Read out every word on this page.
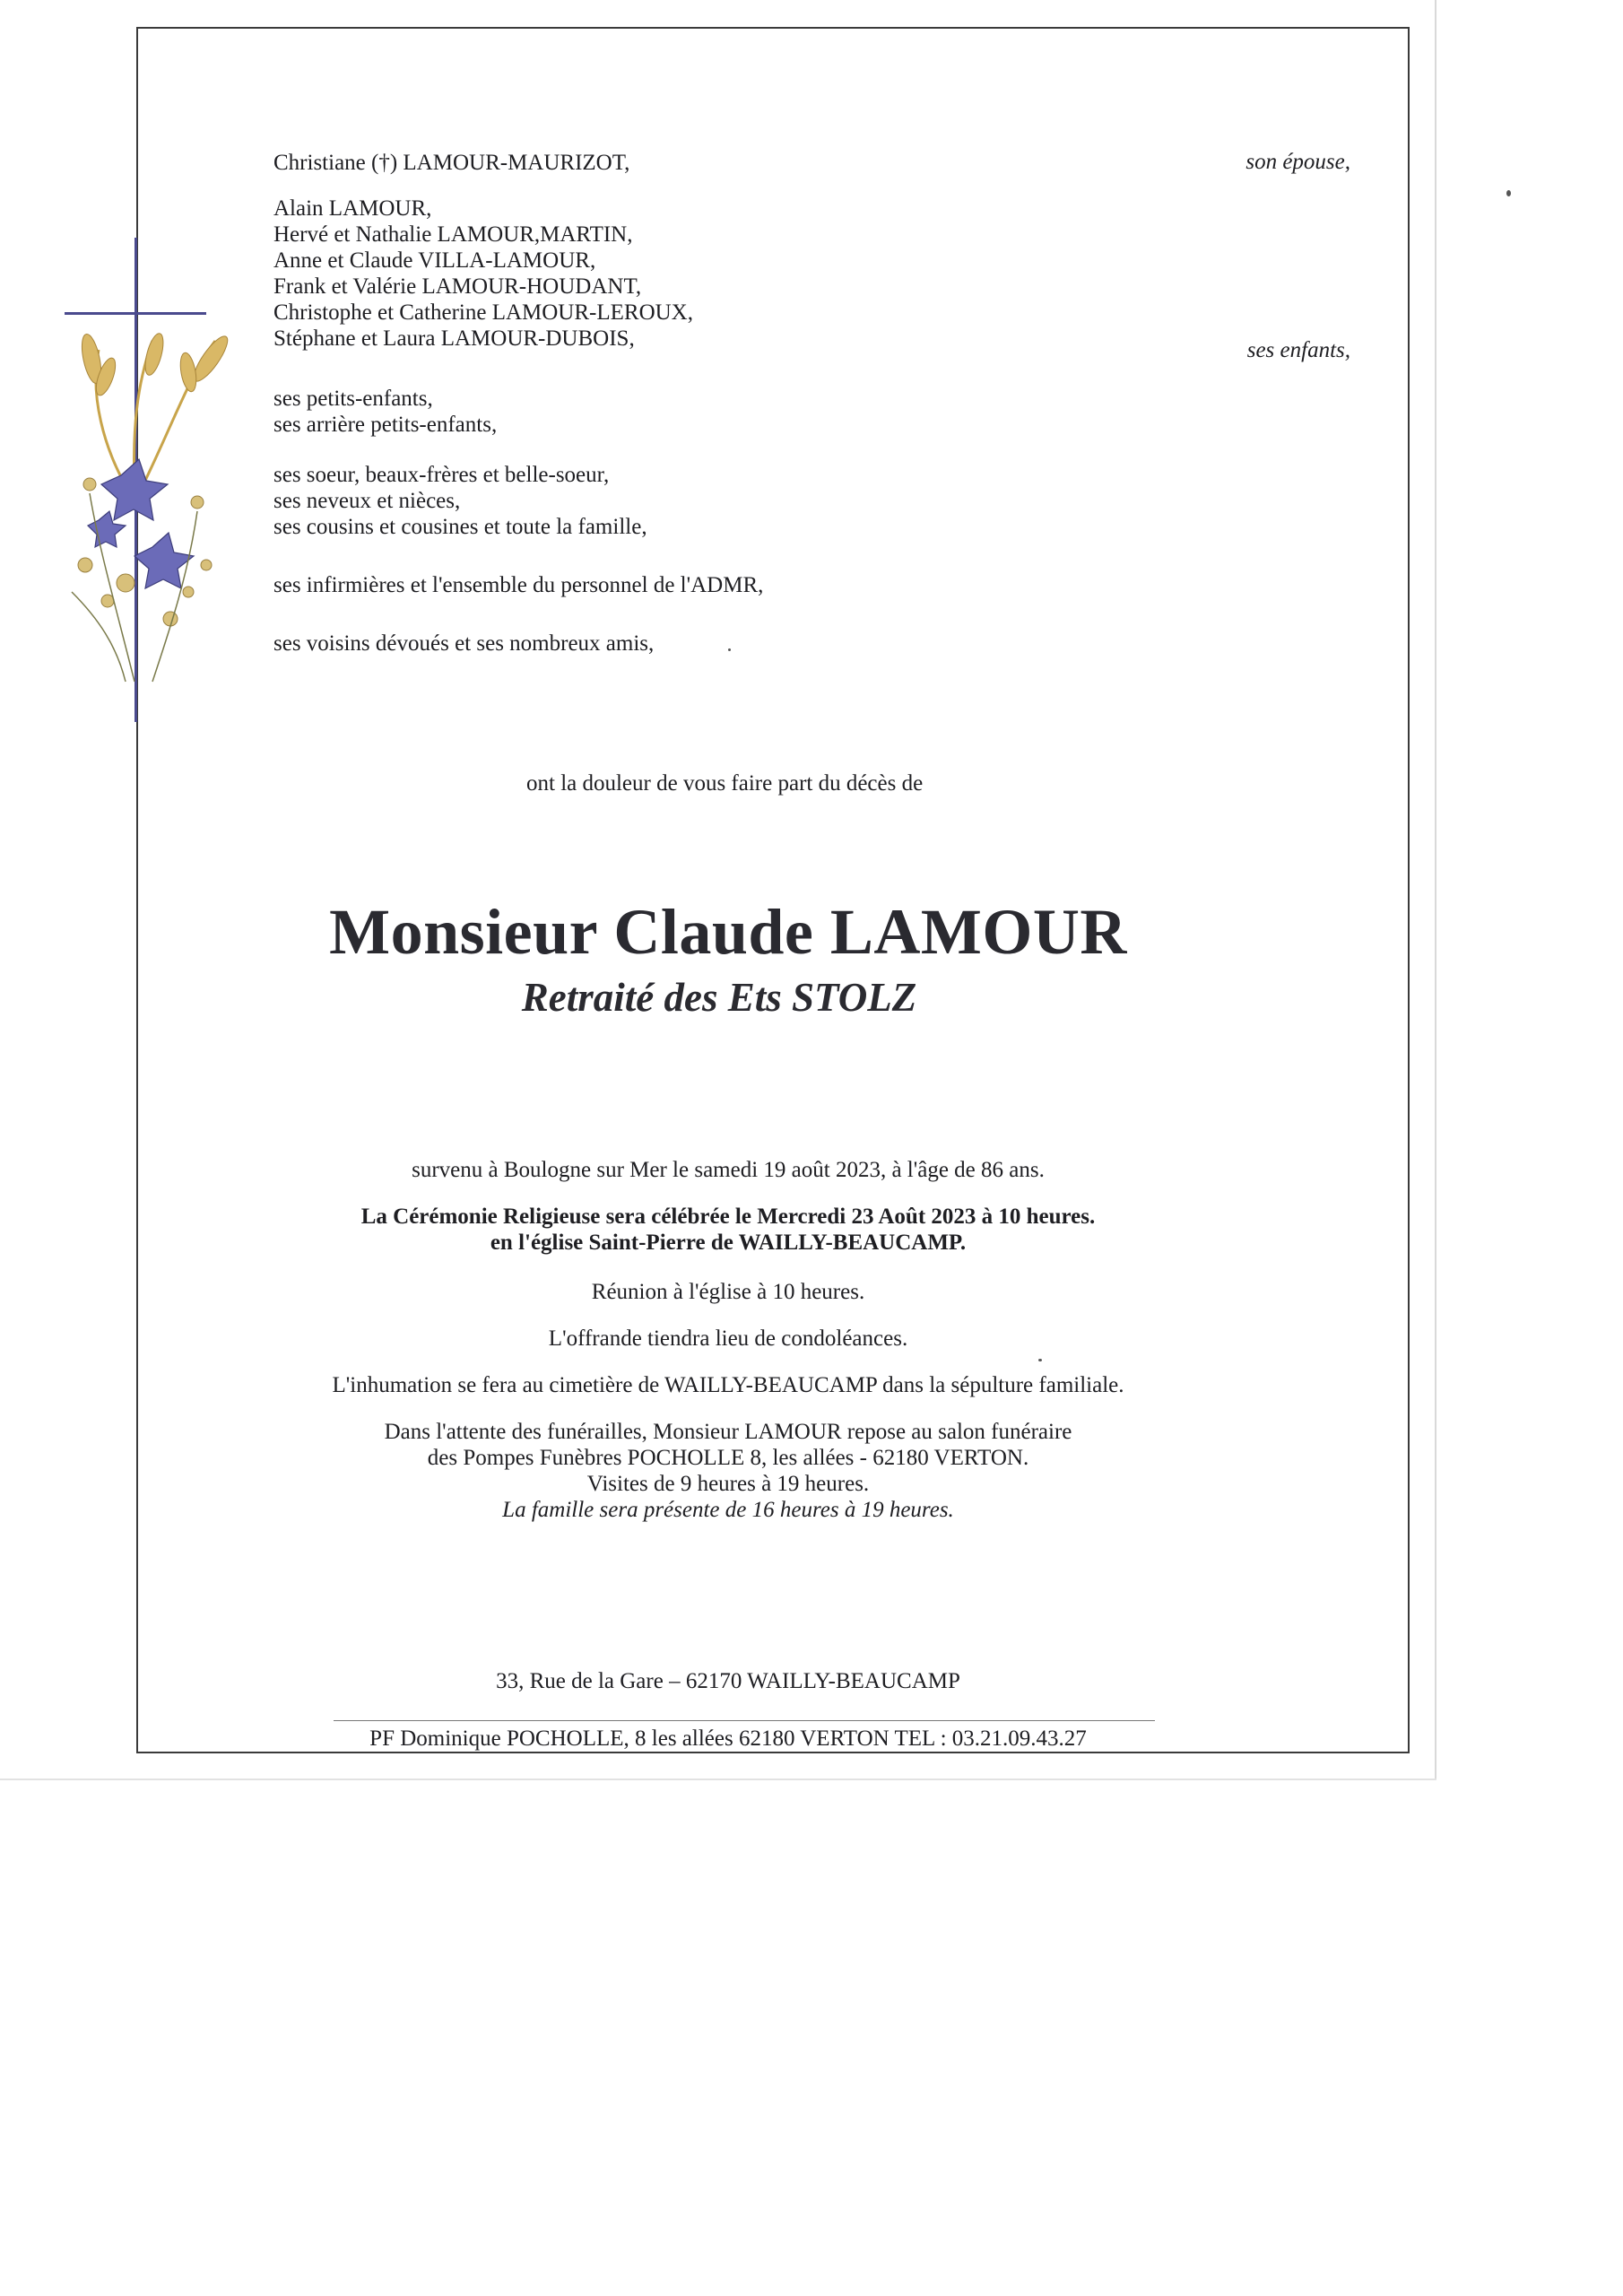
Christiane (†) LAMOUR-MAURIZOT,	son épouse,
Alain LAMOUR,
Hervé et Nathalie LAMOUR,MARTIN,
Anne et Claude VILLA-LAMOUR,
Frank et Valérie LAMOUR-HOUDANT,
Christophe et Catherine LAMOUR-LEROUX,
Stéphane et Laura LAMOUR-DUBOIS,	ses enfants,
ses petits-enfants,
ses arrière petits-enfants,
ses soeur, beaux-frères et belle-soeur,
ses neveux et nièces,
ses cousins et cousines et toute la famille,
ses infirmières et l'ensemble du personnel de l'ADMR,
ses voisins dévoués et ses nombreux amis,
ont la douleur de vous faire part du décès de
Monsieur Claude LAMOUR
Retraité des Ets STOLZ
survenu à Boulogne sur Mer le samedi 19 août 2023, à l'âge de 86 ans.
La Cérémonie Religieuse sera célébrée le Mercredi 23 Août 2023 à 10 heures.
en l'église Saint-Pierre de WAILLY-BEAUCAMP.
Réunion à l'église à 10 heures.
L'offrande tiendra lieu de condoléances.
L'inhumation se fera au cimetière de WAILLY-BEAUCAMP dans la sépulture familiale.
Dans l'attente des funérailles, Monsieur LAMOUR repose au salon funéraire
des Pompes Funèbres POCHOLLE 8, les allées - 62180 VERTON.
Visites de 9 heures à 19 heures.
La famille sera présente de 16 heures à 19 heures.
33, Rue de la Gare – 62170 WAILLY-BEAUCAMP
PF Dominique POCHOLLE, 8 les allées 62180 VERTON TEL : 03.21.09.43.27
